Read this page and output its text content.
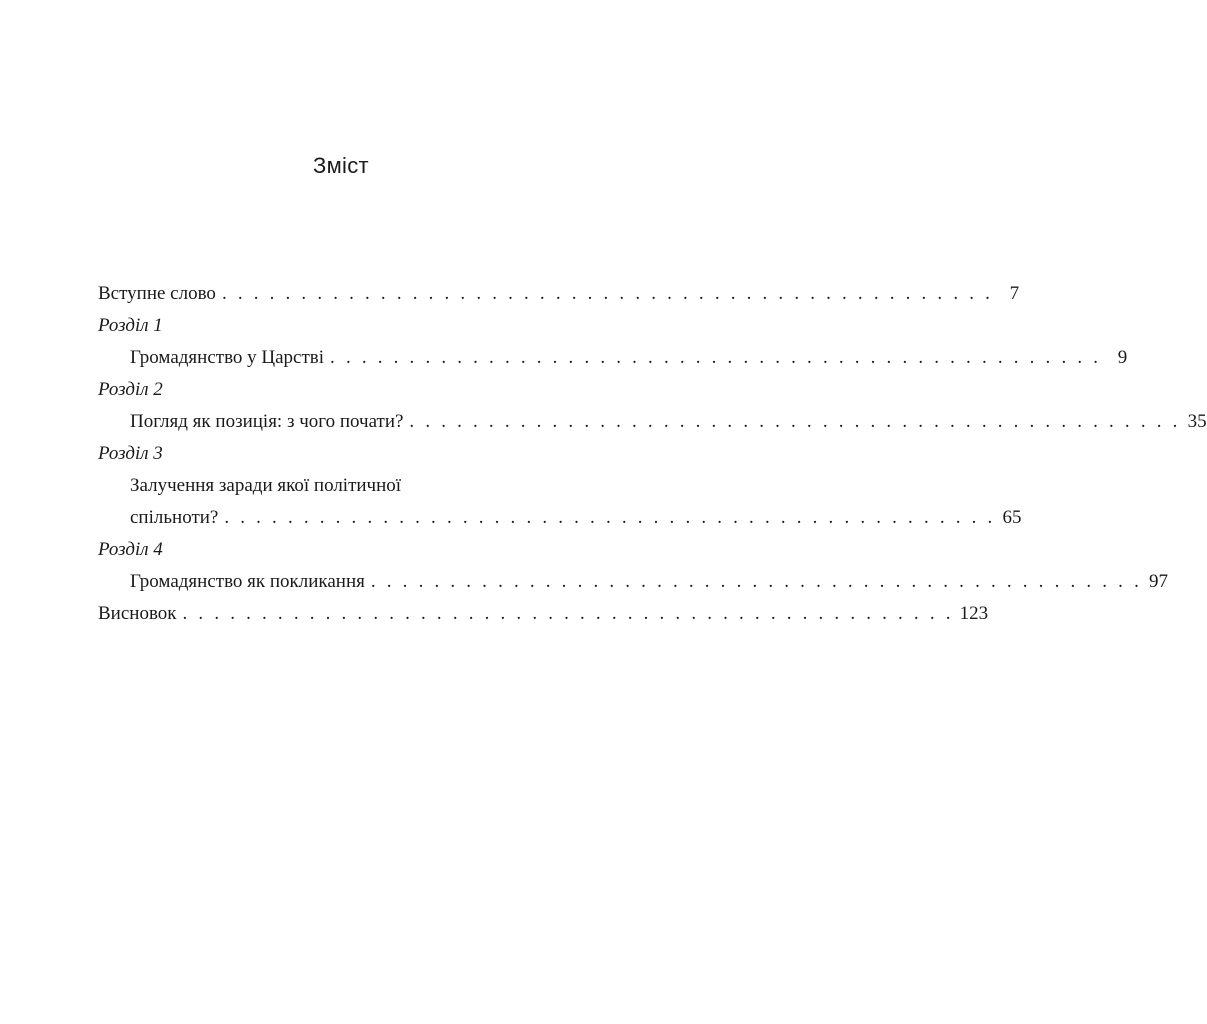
Зміст
Вступне слово . . . . . . . . . . . . . . . . . . . . . . . . . . . . . . . . . . . . . . . . . . . . . . . . . 7
Розділ 1
Громадянство у Царстві . . . . . . . . . . . . . . . . . . . . . . . . . . . . . . . . . . . . . . . . . . . . . . . . . 9
Розділ 2
Погляд як позиція: з чого почати? . . . . . . . . . . . . . . . . . . . . . . . . . . . . . . . . . . . . . . . . . . . . . . . . . 35
Розділ 3
Залучення заради якої політичної
спільноти? . . . . . . . . . . . . . . . . . . . . . . . . . . . . . . . . . . . . . . . . . . . . . . . . . 65
Розділ 4
Громадянство як покликання . . . . . . . . . . . . . . . . . . . . . . . . . . . . . . . . . . . . . . . . . . . . . . . . . 97
Висновок . . . . . . . . . . . . . . . . . . . . . . . . . . . . . . . . . . . . . . . . . . . . . . . . . 123
